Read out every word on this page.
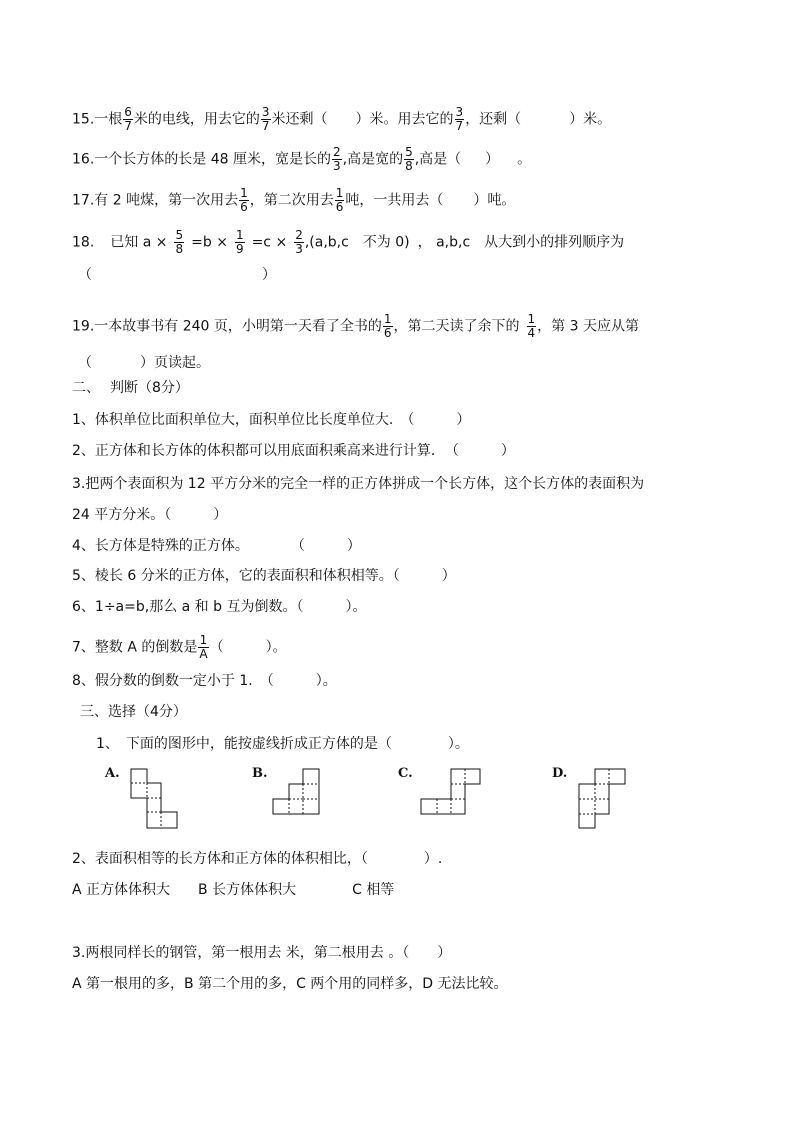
15.一根 $\frac{6}{7}$ 米的电线，用去它的 $\frac{3}{7}$ 米还剩（ ）米。用去它的 $\frac{3}{7}$ ，还剩（	）米。
16.一个长方体的长是 48 厘米，宽是长的 $\frac{2}{3}$ ,高是宽的 $\frac{5}{8}$ ,高是（ ） 。
17.有 2 吨煤，第一次用去 $\frac{1}{6}$ ，第二次用去 $\frac{1}{6}$ 吨，一共用去（ ）吨。
18. 已知 $a \times \frac{5}{8} =b \times \frac{1}{9} =c \times \frac{2}{3} ,(a,b,c$ 不为 0) ， a,b,c 从大到小的排列顺序为
（	）
19.一本故事书有 240 页，小明第一天看了全书的 $\frac{1}{6}$ ，第二天读了余下的 $\frac{1}{4}$ ，第 3 天应从第
（	）页读起。
二、 判断（8分）
1、体积单位比面积单位大，面积单位比长度单位大.　（　　　）
2、正方体和长方体的体积都可以用底面积乘高来进行计算．　（　　　）
3.把两个表面积为 12 平方分米的完全一样的正方体拼成一个长方体，这个长方体的表面积为
24 平方分米。（　　　）
4、长方体是特殊的正方体。　　　　（　　　）
5、棱长 6 分米的正方体，它的表面积和体积相等。（　　　）
6、1÷a=b,那么 a 和 b 互为倒数。（　　　）。
7、整数 A 的倒数是 $\frac{1}{A}$ （　　　）。
8、假分数的倒数一定小于 1.　（　　　）。
三、选择（4分）
1、　下面的图形中，能按虚线折成正方体的是（　　　　）。
A.	B.	C.	D.
2、表面积相等的长方体和正方体的体积相比，（　　　　）.
A 正方体体积大　　B 长方体体积大　　　　C 相等
3.两根同样长的钢管，第一根用去 米，第二根用去 。（　　）
A 第一根用的多，B 第二个用的多，C 两个用的同样多，D 无法比较。
